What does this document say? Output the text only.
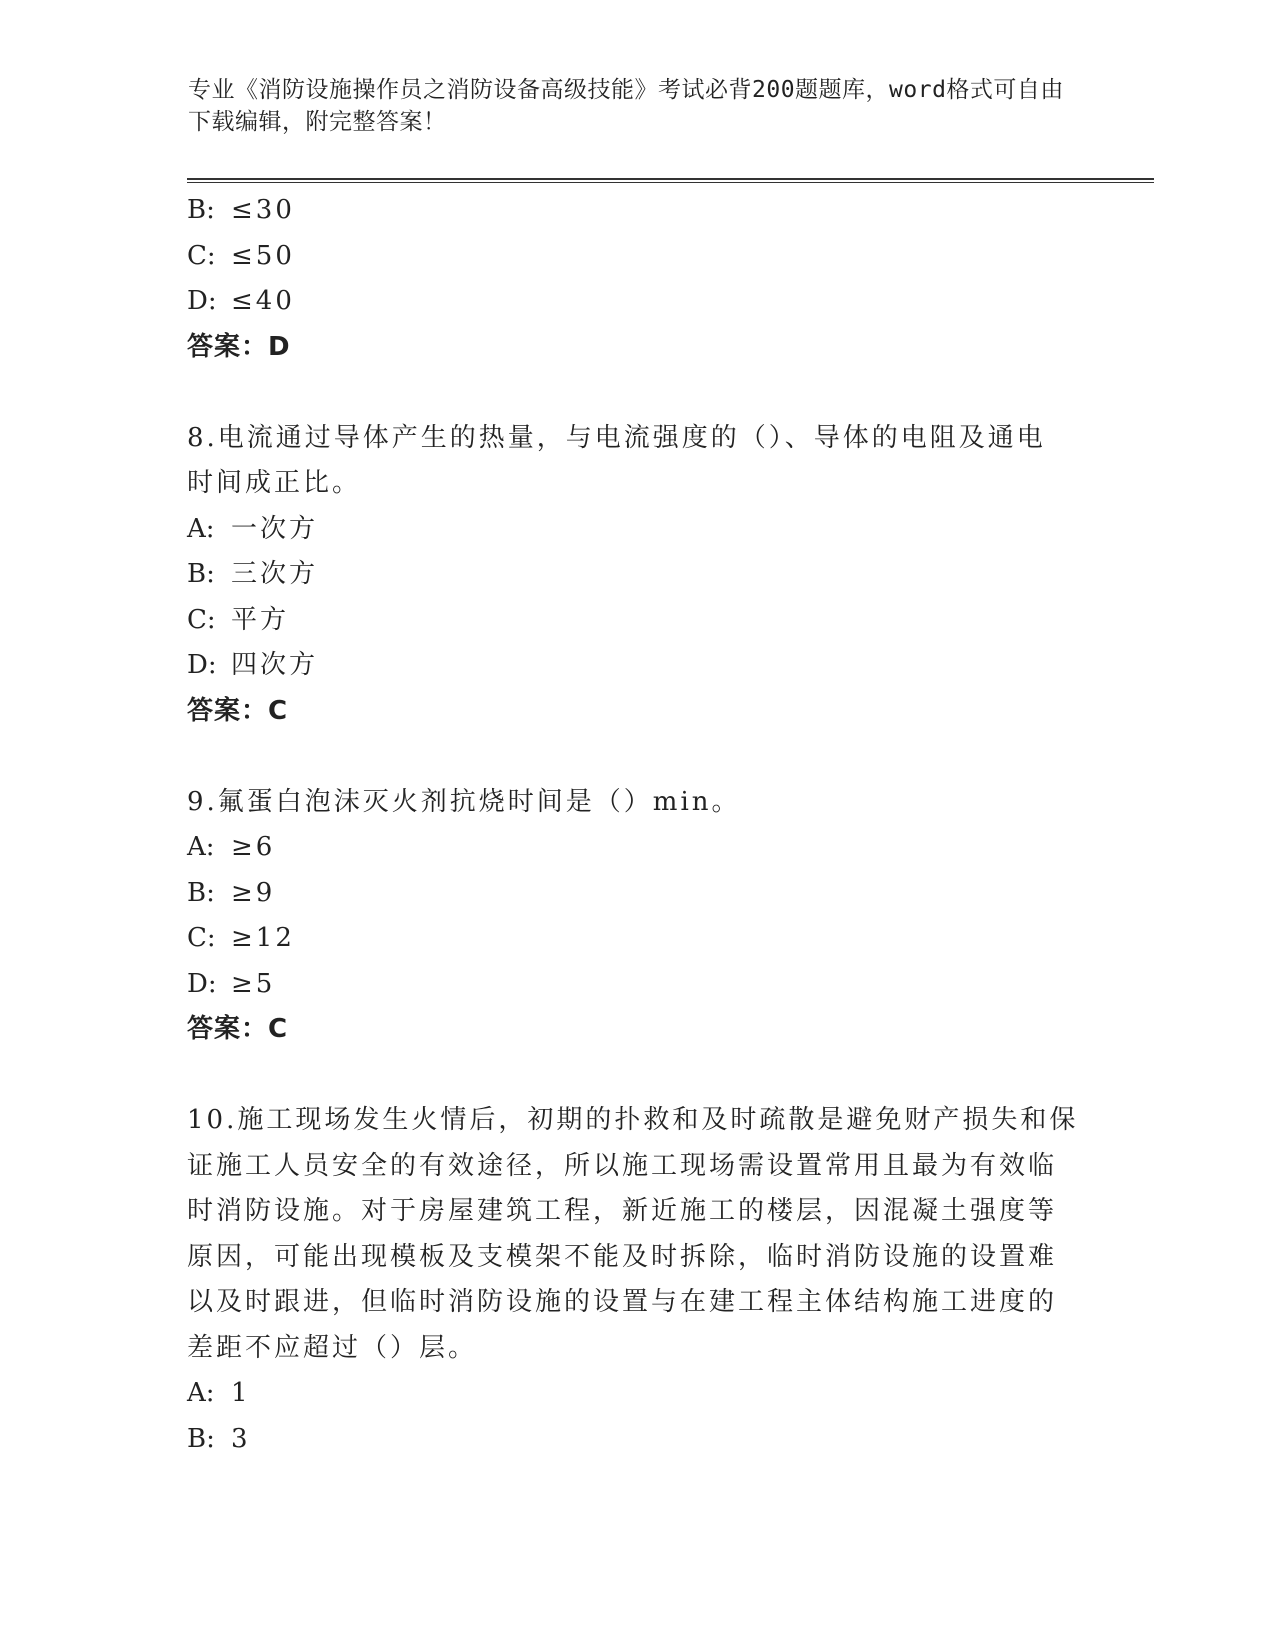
专业《消防设施操作员之消防设备高级技能》考试必背200题题库，word格式可自由下载编辑，附完整答案！
B: ≤30
C: ≤50
D: ≤40
答案：D
8.电流通过导体产生的热量，与电流强度的（）、导体的电阻及通电
时间成正比。
A: 一次方
B: 三次方
C: 平方
D: 四次方
答案：C
9.氟蛋白泡沫灭火剂抗烧时间是（）min。
A: ≥6
B: ≥9
C: ≥12
D: ≥5
答案：C
10.施工现场发生火情后，初期的扑救和及时疏散是避免财产损失和保
证施工人员安全的有效途径，所以施工现场需设置常用且最为有效临
时消防设施。对于房屋建筑工程，新近施工的楼层，因混凝土强度等
原因，可能出现模板及支模架不能及时拆除，临时消防设施的设置难
以及时跟进，但临时消防设施的设置与在建工程主体结构施工进度的
差距不应超过（）层。
A: 1
B: 3
